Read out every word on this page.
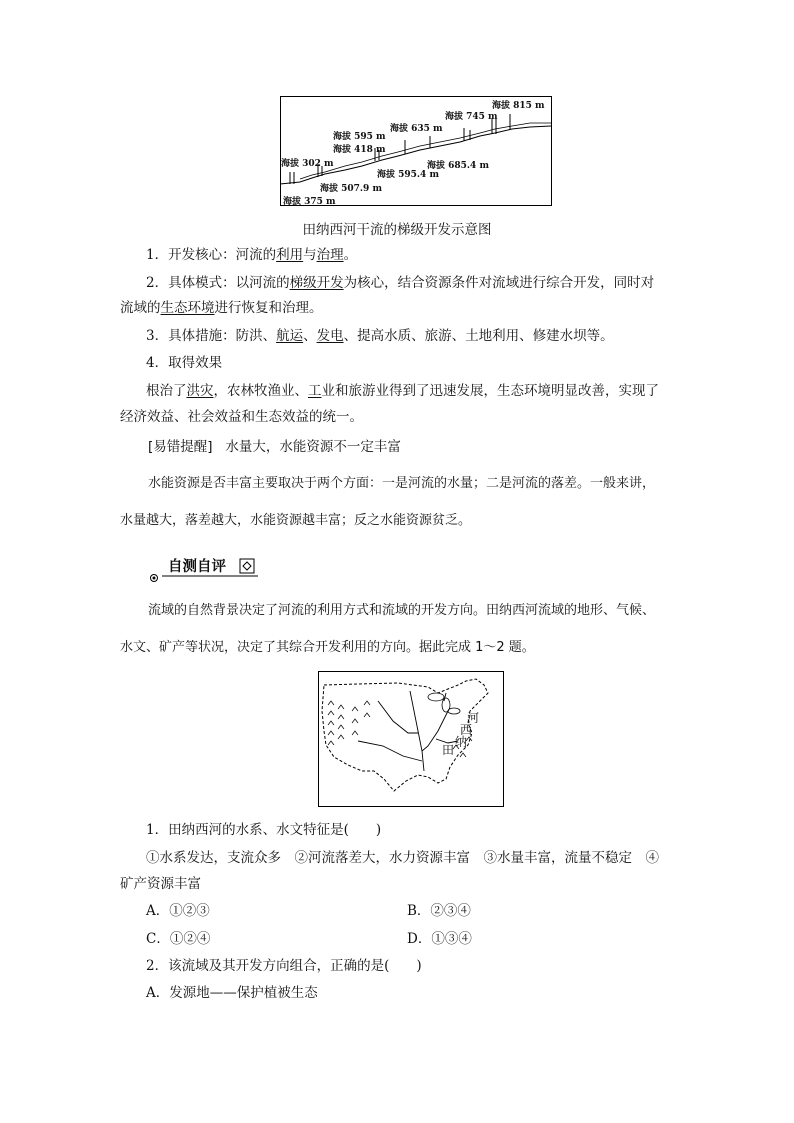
海拔 815 m
海拔 745 m
海拔 635 m
海拔 595 m
海拔 418 m
海拔 302 m	海拔 685.4 m
海拔 595.4 m
海拔 507.9 m
海拔 375 m
田纳西河干流的梯级开发示意图
1．开发核心：河流的利用与治理。
2．具体模式：以河流的梯级开发为核心，结合资源条件对流域进行综合开发，同时对
流域的生态环境进行恢复和治理。
3．具体措施：防洪、航运、发电、提高水质、旅游、土地利用、修建水坝等。
4．取得效果
根治了洪灾，农林牧渔业、工业和旅游业得到了迅速发展，生态环境明显改善，实现了
经济效益、社会效益和生态效益的统一。
[易错提醒] 水量大，水能资源不一定丰富
水能资源是否丰富主要取决于两个方面：一是河流的水量；二是河流的落差。一般来讲，
水量越大，落差越大，水能资源越丰富；反之水能资源贫乏。
自测自评
流域的自然背景决定了河流的利用方式和流域的开发方向。田纳西河流域的地形、气候、
水文、矿产等状况，决定了其综合开发利用的方向。据此完成 1～2 题。
河
西
纳
田
1．田纳西河的水系、水文特征是(　　)
①水系发达，支流众多　②河流落差大，水力资源丰富　③水量丰富，流量不稳定　④
矿产资源丰富
A．①②③	B．②③④
C．①②④	D．①③④
2．该流域及其开发方向组合，正确的是(　　)
A．发源地——保护植被生态
